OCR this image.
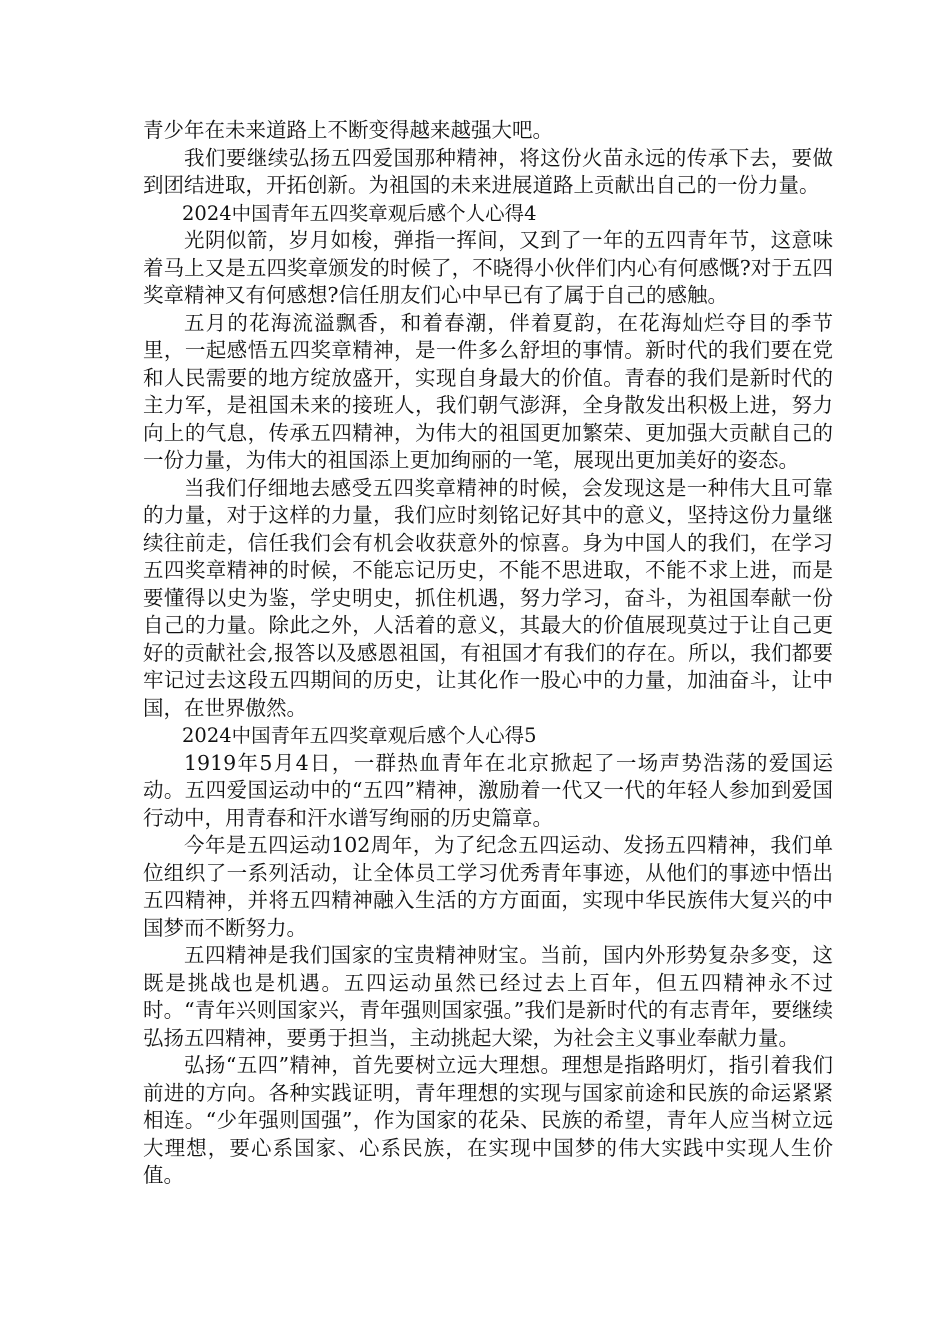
青少年在未来道路上不断变得越来越强大吧。

我们要继续弘扬五四爱国那种精神，将这份火苗永远的传承下去，要做到团结进取，开拓创新。为祖国的未来进展道路上贡献出自己的一份力量。

2024中国青年五四奖章观后感个人心得4

光阴似箭，岁月如梭，弹指一挥间，又到了一年的五四青年节，这意味着马上又是五四奖章颁发的时候了，不晓得小伙伴们内心有何感慨?对于五四奖章精神又有何感想?信任朋友们心中早已有了属于自己的感触。

五月的花海流溢飘香，和着春潮，伴着夏韵，在花海灿烂夺目的季节里，一起感悟五四奖章精神，是一件多么舒坦的事情。新时代的我们要在党和人民需要的地方绽放盛开，实现自身最大的价值。青春的我们是新时代的主力军，是祖国未来的接班人，我们朝气澎湃，全身散发出积极上进，努力向上的气息，传承五四精神，为伟大的祖国更加繁荣、更加强大贡献自己的一份力量，为伟大的祖国添上更加绚丽的一笔，展现出更加美好的姿态。

当我们仔细地去感受五四奖章精神的时候，会发现这是一种伟大且可靠的力量，对于这样的力量，我们应时刻铭记好其中的意义，坚持这份力量继续往前走，信任我们会有机会收获意外的惊喜。身为中国人的我们，在学习五四奖章精神的时候，不能忘记历史，不能不思进取，不能不求上进，而是要懂得以史为鉴，学史明史，抓住机遇，努力学习，奋斗，为祖国奉献一份自己的力量。除此之外，人活着的意义，其最大的价值展现莫过于让自己更好的贡献社会,报答以及感恩祖国，有祖国才有我们的存在。所以，我们都要牢记过去这段五四期间的历史，让其化作一股心中的力量，加油奋斗，让中国，在世界傲然。

2024中国青年五四奖章观后感个人心得5

1919年5月4日，一群热血青年在北京掀起了一场声势浩荡的爱国运动。五四爱国运动中的“五四”精神，激励着一代又一代的年轻人参加到爱国行动中，用青春和汗水谱写绚丽的历史篇章。

今年是五四运动102周年，为了纪念五四运动、发扬五四精神，我们单位组织了一系列活动，让全体员工学习优秀青年事迹，从他们的事迹中悟出五四精神，并将五四精神融入生活的方方面面，实现中华民族伟大复兴的中国梦而不断努力。

五四精神是我们国家的宝贵精神财宝。当前，国内外形势复杂多变，这既是挑战也是机遇。五四运动虽然已经过去上百年，但五四精神永不过时。“青年兴则国家兴，青年强则国家强。”我们是新时代的有志青年，要继续弘扬五四精神，要勇于担当，主动挑起大梁，为社会主义事业奉献力量。

弘扬“五四”精神，首先要树立远大理想。理想是指路明灯，指引着我们前进的方向。各种实践证明，青年理想的实现与国家前途和民族的命运紧紧相连。“少年强则国强”，作为国家的花朵、民族的希望，青年人应当树立远大理想，要心系国家、心系民族，在实现中国梦的伟大实践中实现人生价值。
